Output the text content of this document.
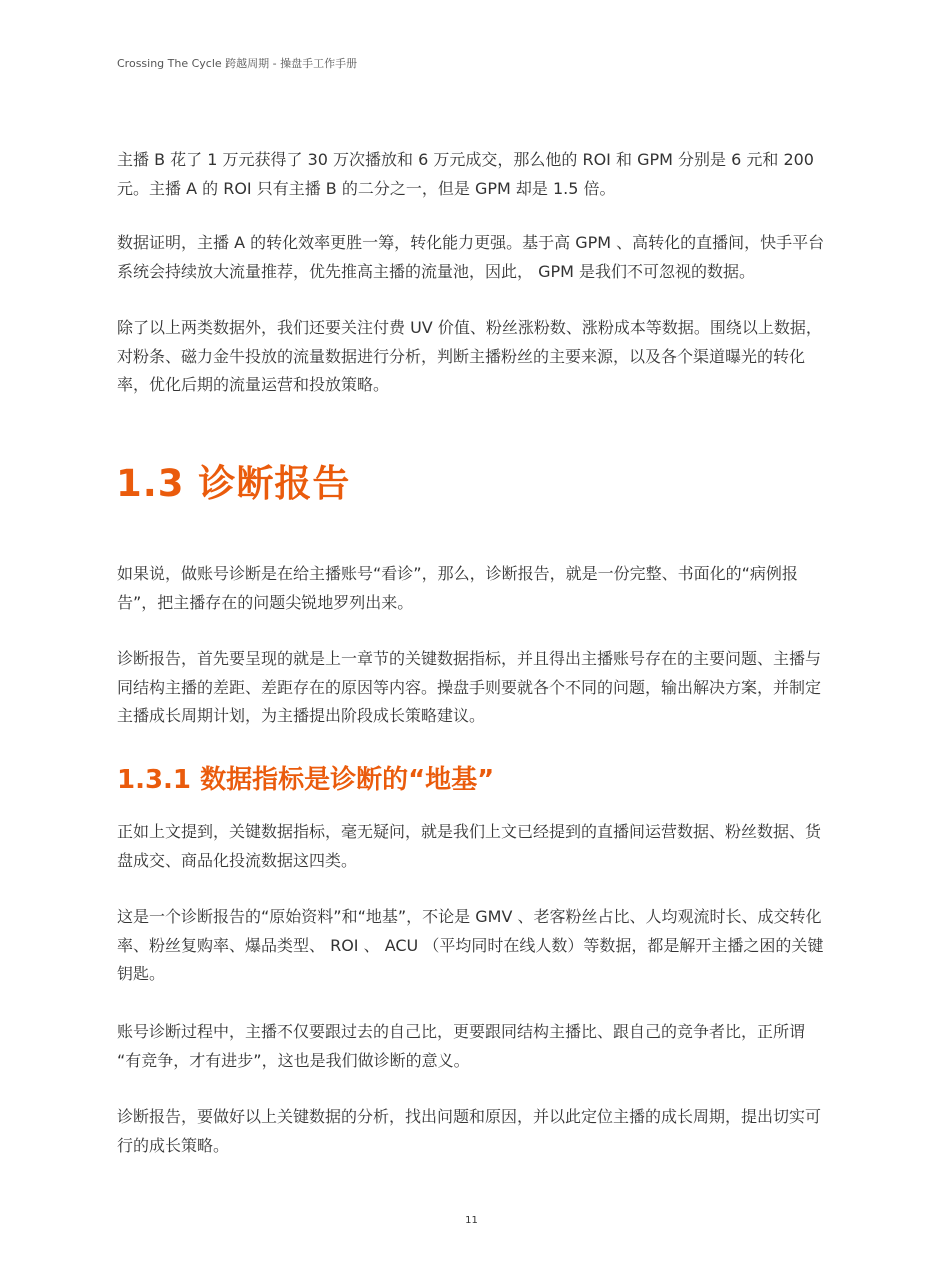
Crossing The Cycle 跨越周期 - 操盘手工作手册

主播 B 花了 1 万元获得了 30 万次播放和 6 万元成交，那么他的 ROI 和 GPM 分别是 6 元和 200 元。主播 A 的 ROI 只有主播 B 的二分之一，但是 GPM 却是 1.5 倍。

数据证明，主播 A 的转化效率更胜一筹，转化能力更强。基于高 GPM 、高转化的直播间，快手平台系统会持续放大流量推荐，优先推高主播的流量池，因此， GPM 是我们不可忽视的数据。

除了以上两类数据外，我们还要关注付费 UV 价值、粉丝涨粉数、涨粉成本等数据。围绕以上数据，对粉条、磁力金牛投放的流量数据进行分析，判断主播粉丝的主要来源，以及各个渠道曝光的转化率，优化后期的流量运营和投放策略。

1.3 诊断报告

如果说，做账号诊断是在给主播账号“看诊”，那么，诊断报告，就是一份完整、书面化的“病例报告”，把主播存在的问题尖锐地罗列出来。

诊断报告，首先要呈现的就是上一章节的关键数据指标，并且得出主播账号存在的主要问题、主播与同结构主播的差距、差距存在的原因等内容。操盘手则要就各个不同的问题，输出解决方案，并制定主播成长周期计划，为主播提出阶段成长策略建议。

1.3.1 数据指标是诊断的“地基”

正如上文提到，关键数据指标，毫无疑问，就是我们上文已经提到的直播间运营数据、粉丝数据、货盘成交、商品化投流数据这四类。

这是一个诊断报告的“原始资料”和“地基”，不论是 GMV 、老客粉丝占比、人均观流时长、成交转化率、粉丝复购率、爆品类型、 ROI 、 ACU （平均同时在线人数）等数据，都是解开主播之困的关键钥匙。

账号诊断过程中，主播不仅要跟过去的自己比，更要跟同结构主播比、跟自己的竞争者比，正所谓 “有竞争，才有进步”，这也是我们做诊断的意义。

诊断报告，要做好以上关键数据的分析，找出问题和原因，并以此定位主播的成长周期，提出切实可行的成长策略。

11
